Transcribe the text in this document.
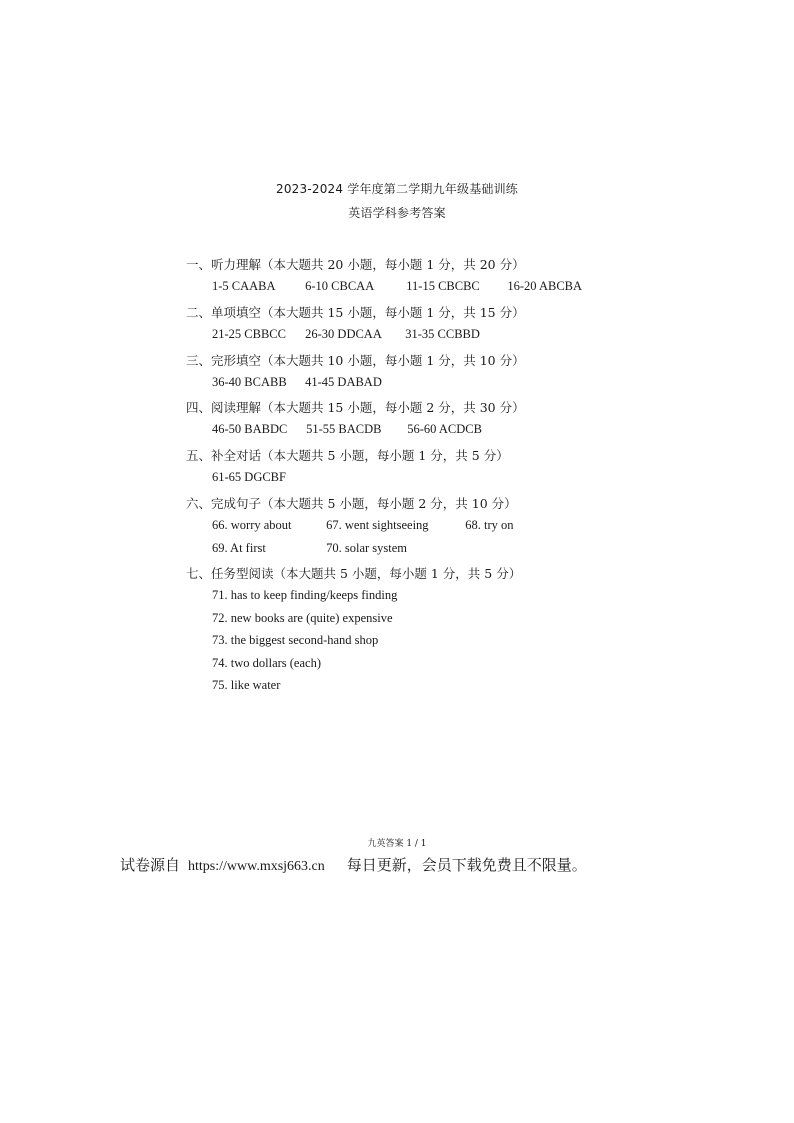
2023-2024 学年度第二学期九年级基础训练
英语学科参考答案
一、听力理解（本大题共 20 小题，每小题 1 分，共 20 分）
1-5 CAABA 6-10 CBCAA	11-15 CBCBC 16-20 ABCBA
二、单项填空（本大题共 15 小题，每小题 1 分，共 15 分）
21-25 CBBCC 26-30 DDCAA 31-35 CCBBD
三、完形填空（本大题共 10 小题，每小题 1 分，共 10 分）
36-40 BCABB 41-45 DABAD
四、阅读理解（本大题共 15 小题，每小题 2 分，共 30 分）
46-50 BABDC 51-55 BACDB 56-60 ACDCB
五、补全对话（本大题共 5 小题，每小题 1 分，共 5 分）
61-65 DGCBF
六、完成句子（本大题共 5 小题，每小题 2 分，共 10 分）
66. worry about	67. went sightseeing	68. try on
69. At first	70. solar system
七、任务型阅读（本大题共 5 小题，每小题 1 分，共 5 分）
71. has to keep finding/keeps finding
72. new books are (quite) expensive
73. the biggest second-hand shop
74. two dollars (each)
75. like water
九英答案 1 / 1
试卷源自 https://www.mxsj663.cn 每日更新，会员下载免费且不限量。
